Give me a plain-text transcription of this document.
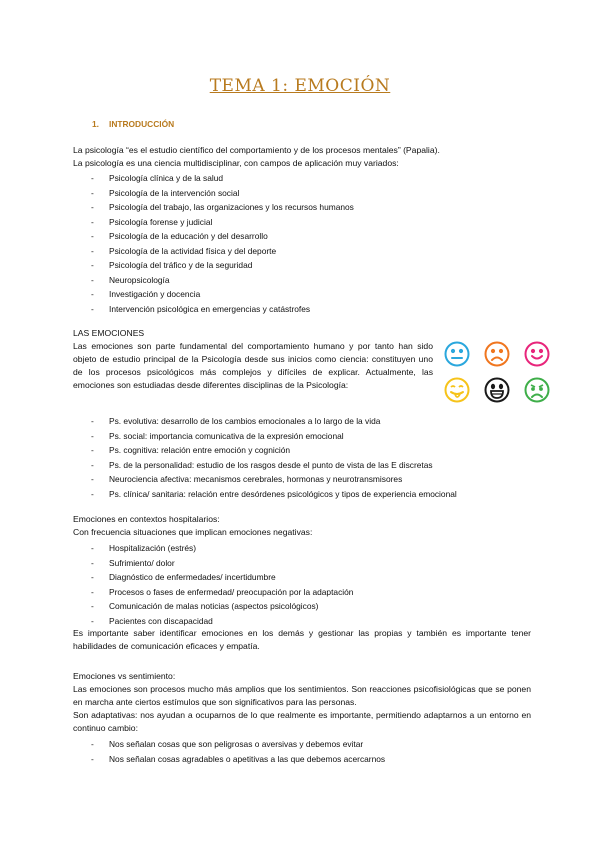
TEMA 1: EMOCIÓN
1. INTRODUCCIÓN
La psicología “es el estudio científico del comportamiento y de los procesos mentales” (Papalia).
La psicología es una ciencia multidisciplinar, con campos de aplicación muy variados:
- Psicología clínica y de la salud
- Psicología de la intervención social
- Psicología del trabajo, las organizaciones y los recursos humanos
- Psicología forense y judicial
- Psicología de la educación y del desarrollo
- Psicología de la actividad física y del deporte
- Psicología del tráfico y de la seguridad
- Neuropsicología
- Investigación y docencia
- Intervención psicológica en emergencias y catástrofes
LAS EMOCIONES
Las emociones son parte fundamental del comportamiento humano y por tanto han sido objeto de estudio principal de la Psicología desde sus inicios como ciencia: constituyen uno de los procesos psicológicos más complejos y difíciles de explicar. Actualmente, las emociones son estudiadas desde diferentes disciplinas de la Psicología:
- Ps. evolutiva: desarrollo de los cambios emocionales a lo largo de la vida
- Ps. social: importancia comunicativa de la expresión emocional
- Ps. cognitiva: relación entre emoción y cognición
- Ps. de la personalidad: estudio de los rasgos desde el punto de vista de las E discretas
- Neurociencia afectiva: mecanismos cerebrales, hormonas y neurotransmisores
- Ps. clínica/ sanitaria: relación entre desórdenes psicológicos y tipos de experiencia emocional
Emociones en contextos hospitalarios:
Con frecuencia situaciones que implican emociones negativas:
- Hospitalización (estrés)
- Sufrimiento/ dolor
- Diagnóstico de enfermedades/ incertidumbre
- Procesos o fases de enfermedad/ preocupación por la adaptación
- Comunicación de malas noticias (aspectos psicológicos)
- Pacientes con discapacidad
Es importante saber identificar emociones en los demás y gestionar las propias y también es importante tener habilidades de comunicación eficaces y empatía.
Emociones vs sentimiento:
Las emociones son procesos mucho más amplios que los sentimientos. Son reacciones psicofisiológicas que se ponen en marcha ante ciertos estímulos que son significativos para las personas.
Son adaptativas: nos ayudan a ocuparnos de lo que realmente es importante, permitiendo adaptarnos a un entorno en continuo cambio:
- Nos señalan cosas que son peligrosas o aversivas y debemos evitar
- Nos señalan cosas agradables o apetitivas a las que debemos acercarnos
